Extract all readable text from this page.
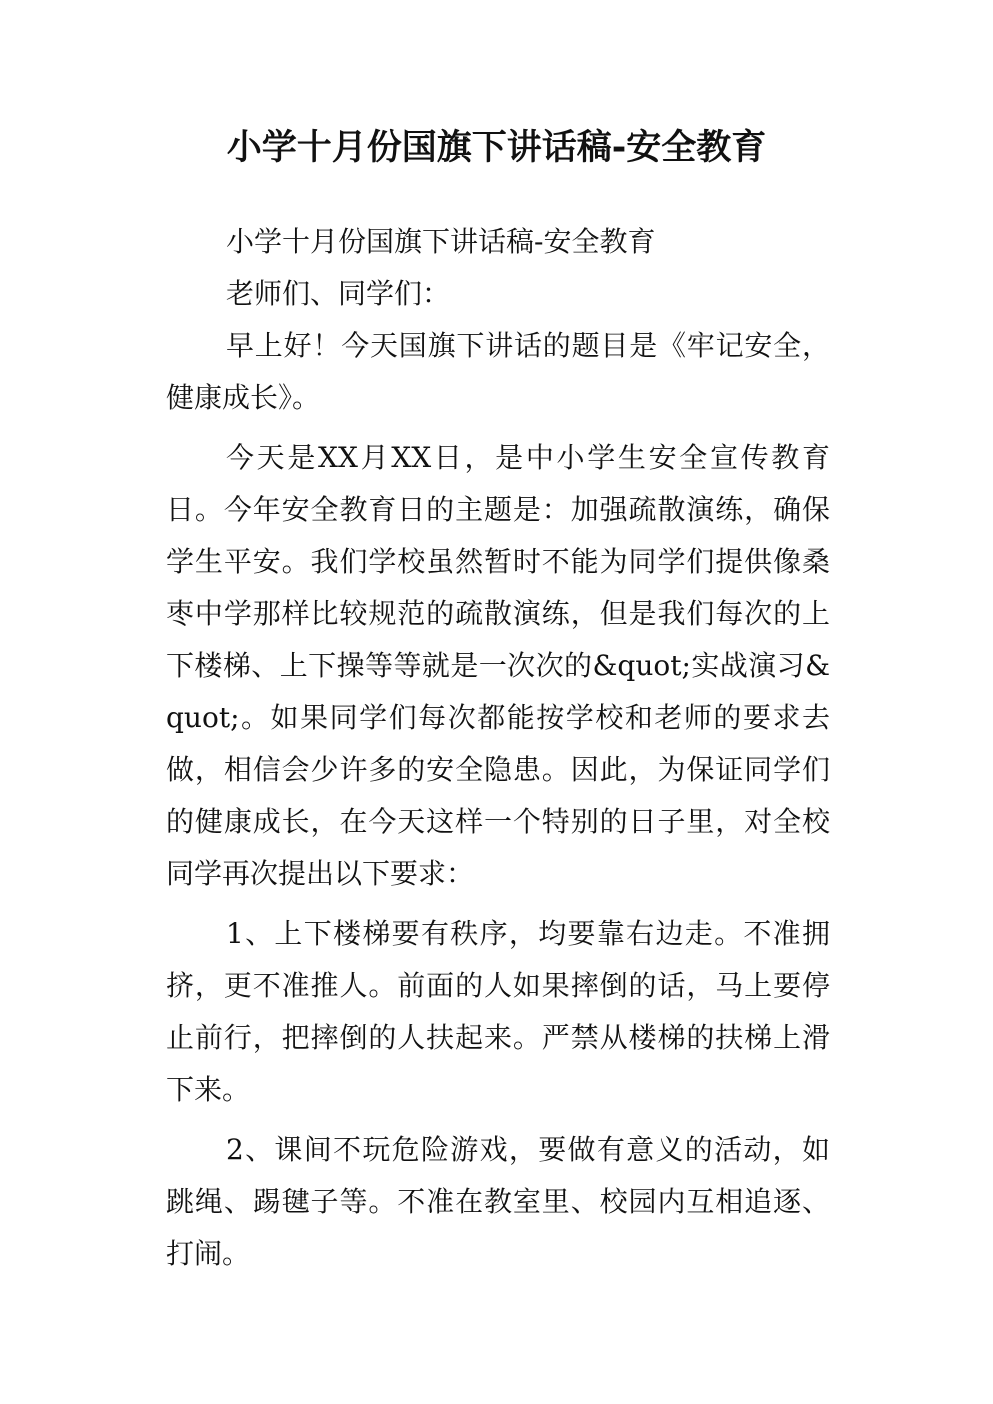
小学十月份国旗下讲话稿-安全教育

小学十月份国旗下讲话稿-安全教育

老师们、同学们：

早上好！今天国旗下讲话的题目是《牢记安全，健康成长》。

今天是XX月XX日，是中小学生安全宣传教育日。今年安全教育日的主题是：加强疏散演练，确保学生平安。我们学校虽然暂时不能为同学们提供像桑枣中学那样比较规范的疏散演练，但是我们每次的上下楼梯、上下操等等就是一次次的&quot;实战演习&quot;。如果同学们每次都能按学校和老师的要求去做，相信会少许多的安全隐患。因此，为保证同学们的健康成长，在今天这样一个特别的日子里，对全校同学再次提出以下要求：

1、上下楼梯要有秩序，均要靠右边走。不准拥挤，更不准推人。前面的人如果摔倒的话，马上要停止前行，把摔倒的人扶起来。严禁从楼梯的扶梯上滑下来。

2、课间不玩危险游戏，要做有意义的活动，如跳绳、踢毽子等。不准在教室里、校园内互相追逐、打闹。
